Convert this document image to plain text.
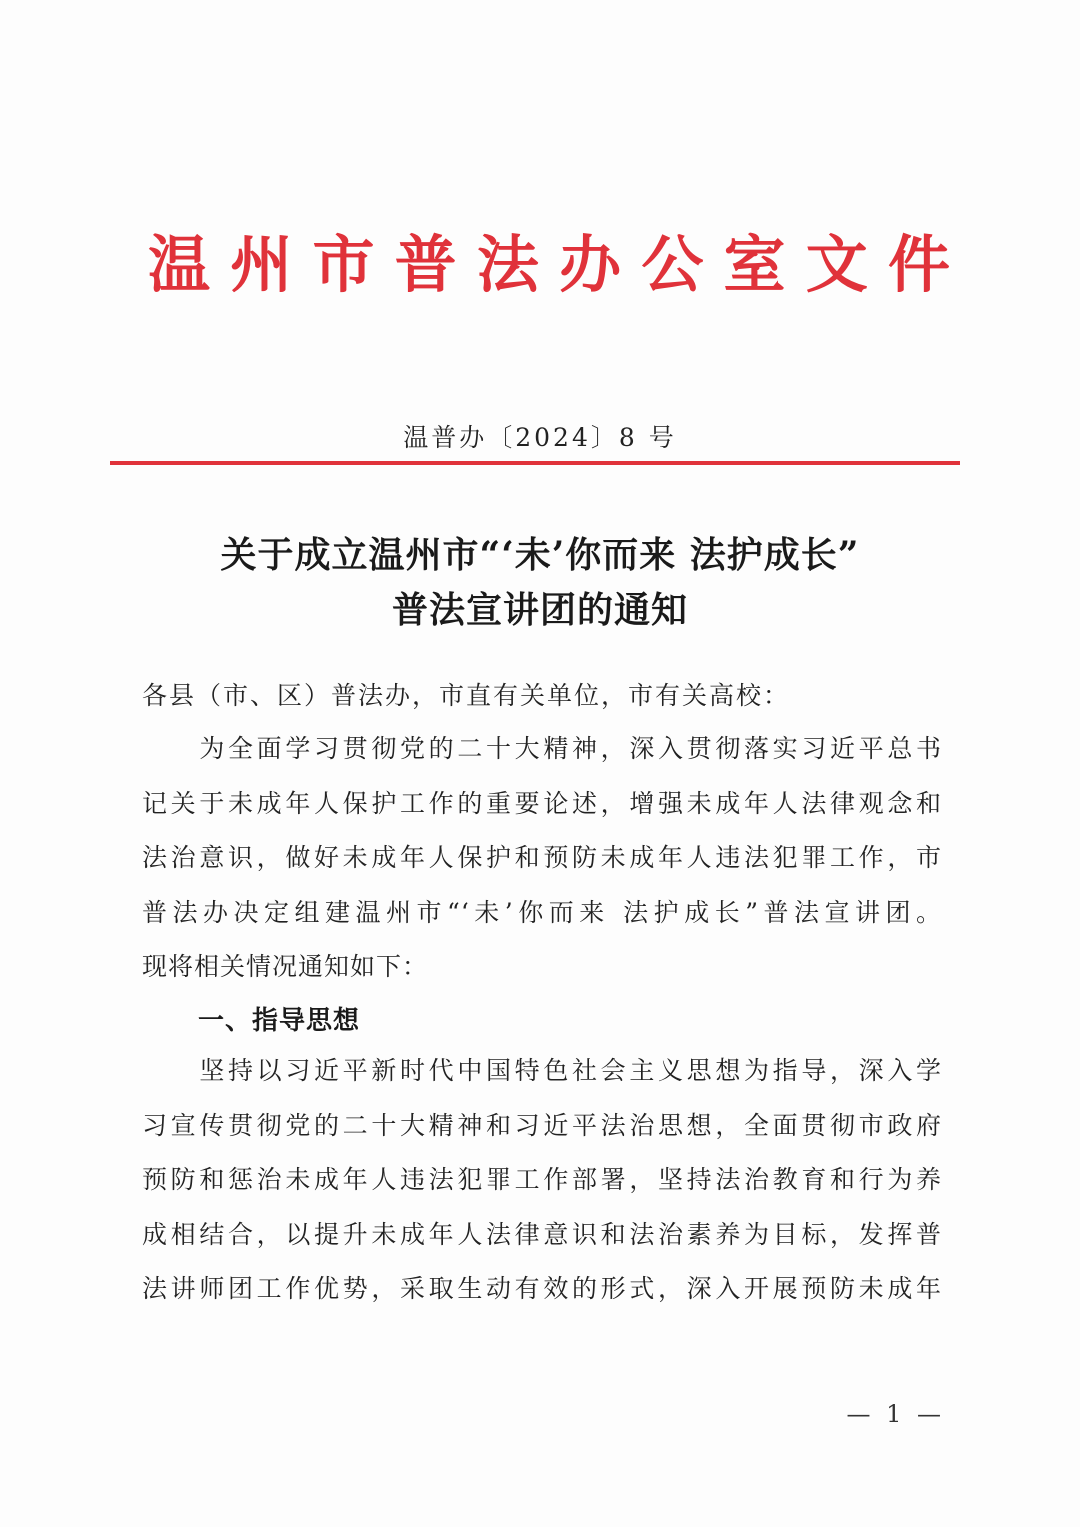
温 州 市 普 法 办 公 室 文 件
温普办〔2024〕8 号
关于成立温州市“‘未’你而来 法护成长”
普法宣讲团的通知
各县（市、区）普法办，市直有关单位，市有关高校：
　　为全面学习贯彻党的二十大精神，深入贯彻落实习近平总书
记关于未成年人保护工作的重要论述，增强未成年人法律观念和
法治意识，做好未成年人保护和预防未成年人违法犯罪工作，市
普法办决定组建温州市“‘未’你而来 法护成长”普法宣讲团。
现将相关情况通知如下：
一、指导思想
　　坚持以习近平新时代中国特色社会主义思想为指导，深入学
习宣传贯彻党的二十大精神和习近平法治思想，全面贯彻市政府
预防和惩治未成年人违法犯罪工作部署，坚持法治教育和行为养
成相结合，以提升未成年人法律意识和法治素养为目标，发挥普
法讲师团工作优势，采取生动有效的形式，深入开展预防未成年
— 1 —
